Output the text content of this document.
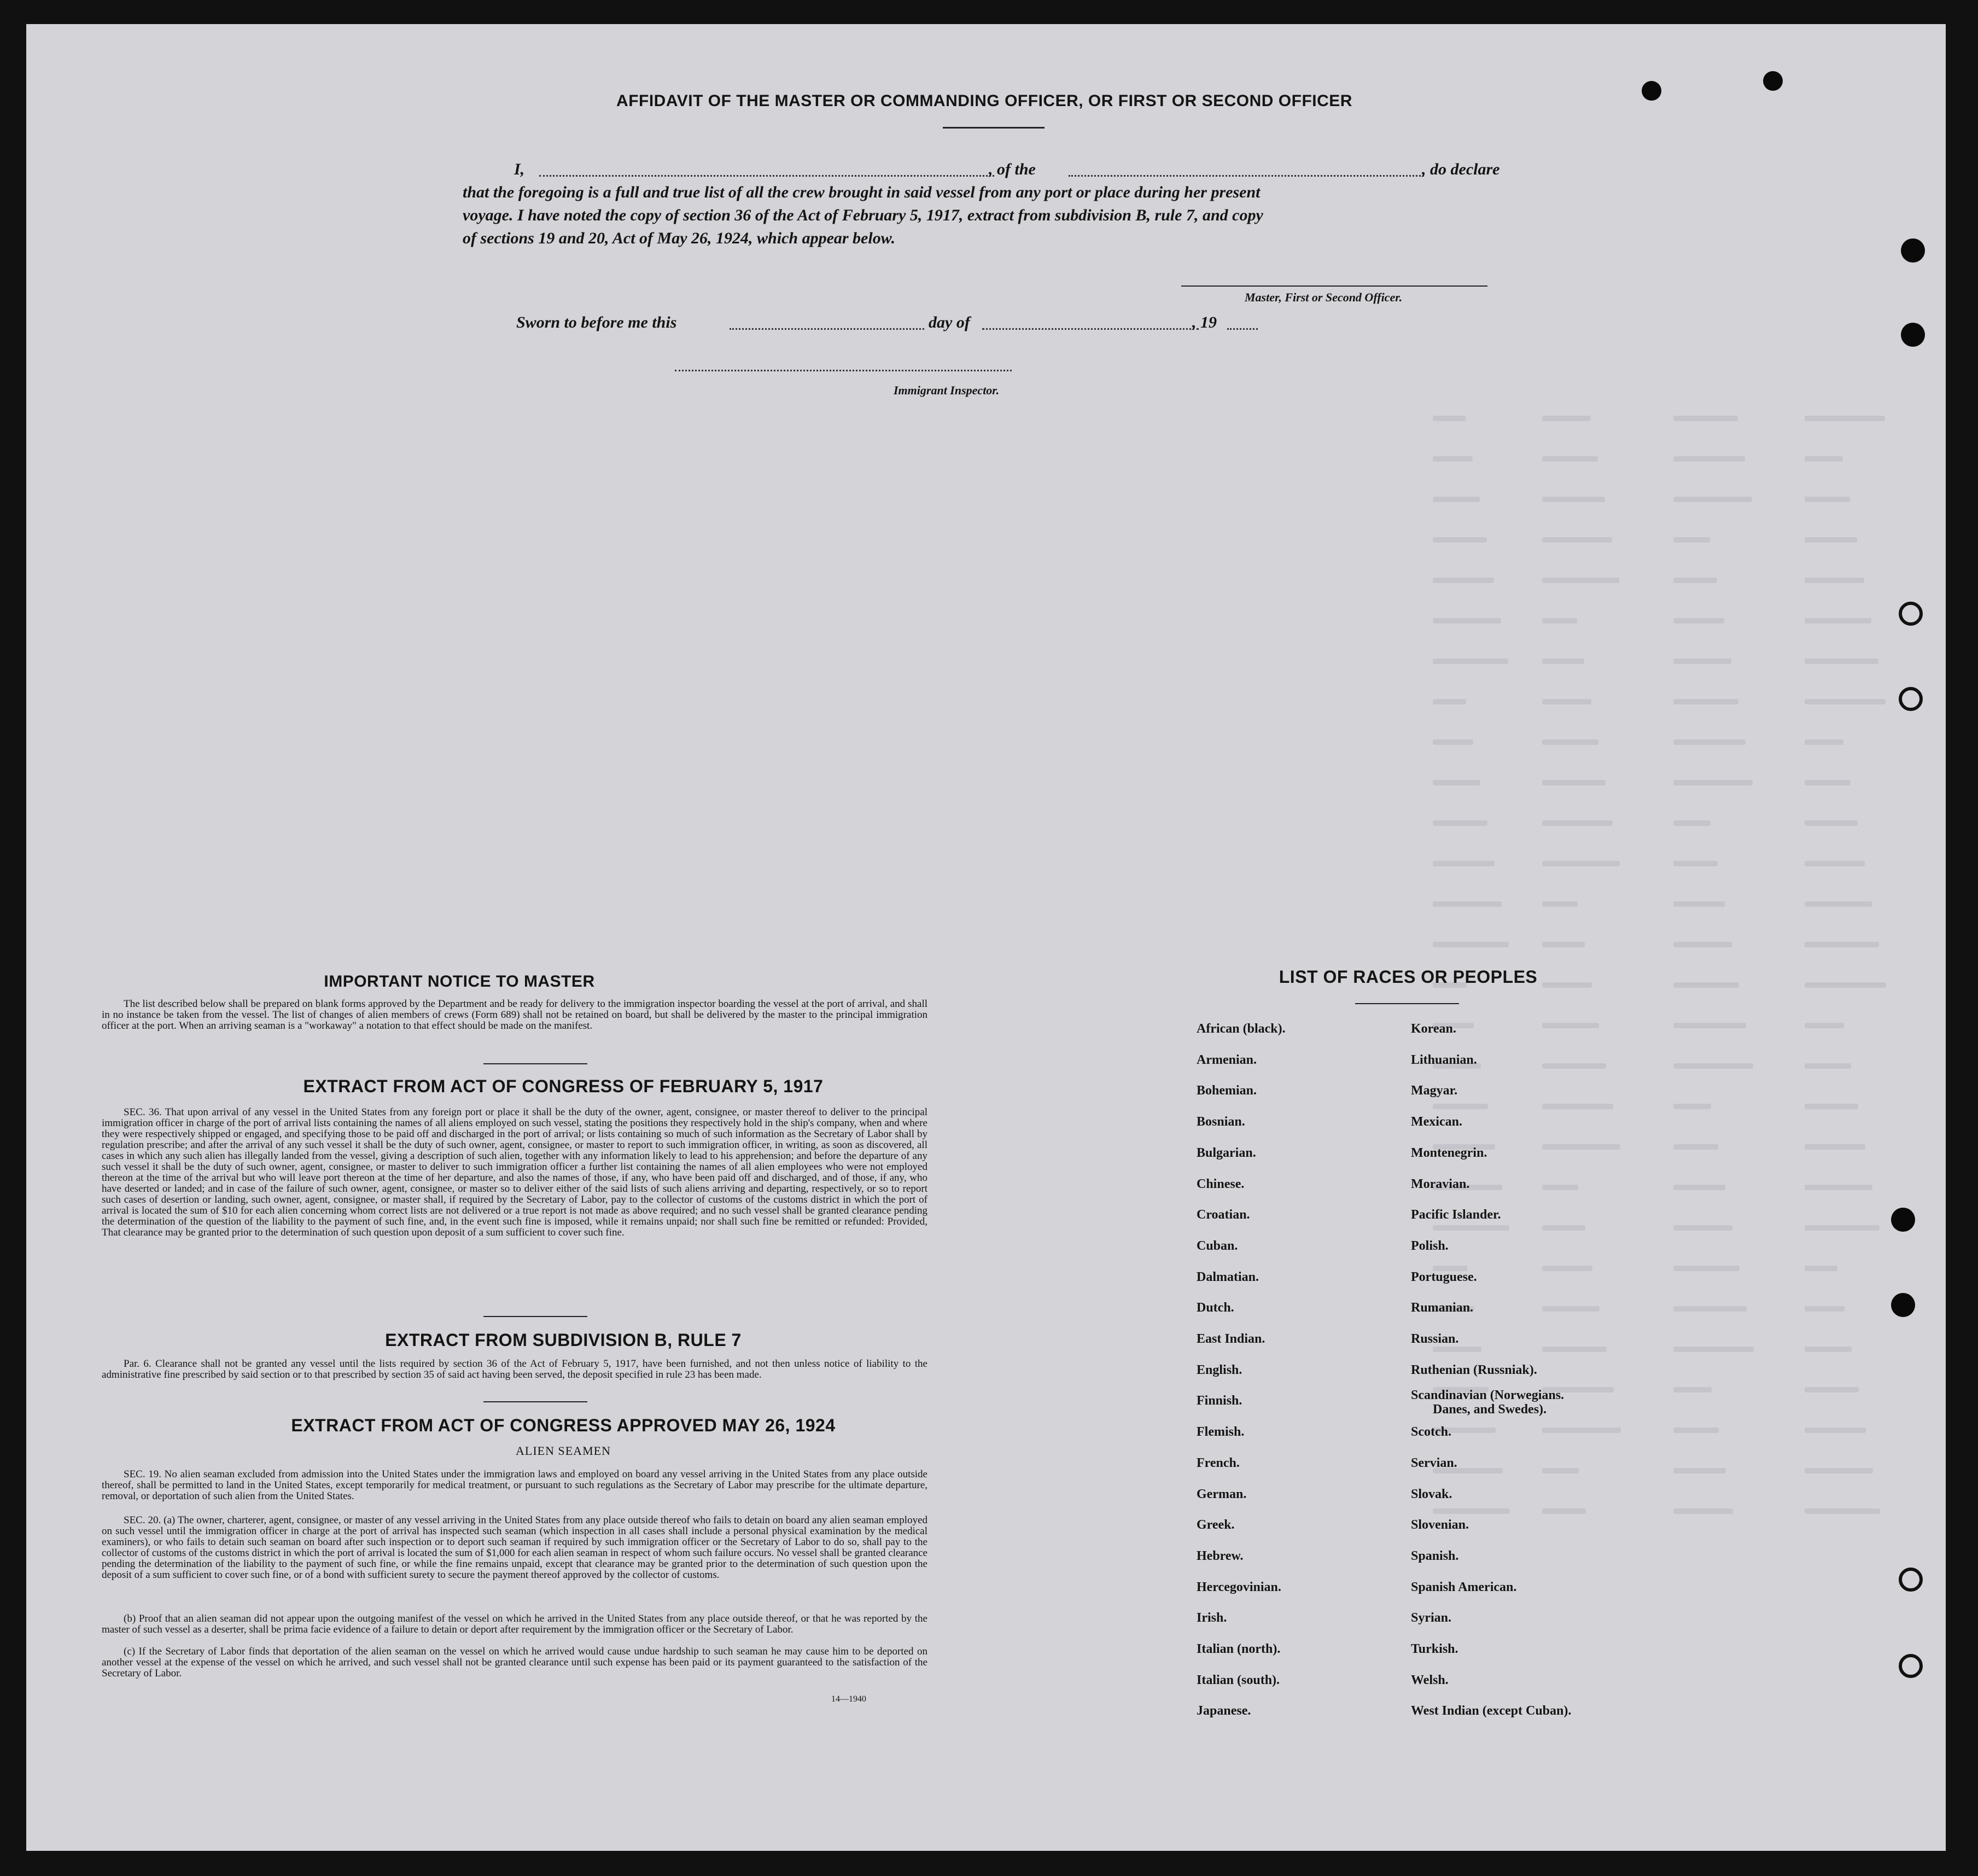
AFFIDAVIT OF THE MASTER OR COMMANDING OFFICER, OR FIRST OR SECOND OFFICER
I,	, of the	, do declare
that the foregoing is a full and true list of all the crew brought in said vessel from any port or place during her present
voyage. I have noted the copy of section 36 of the Act of February 5, 1917, extract from subdivision B, rule 7, and copy
of sections 19 and 20, Act of May 26, 1924, which appear below.
Master, First or Second Officer.
Sworn to before me this	day of	, 19
Immigrant Inspector.
IMPORTANT NOTICE TO MASTER
The list described below shall be prepared on blank forms approved by the Department and be ready for delivery to the immigration inspector boarding the vessel at the port of arrival, and shall in no instance be taken from the vessel. The list of changes of alien members of crews (Form 689) shall not be retained on board, but shall be delivered by the master to the principal immigration officer at the port. When an arriving seaman is a "workaway" a notation to that effect should be made on the manifest.
EXTRACT FROM ACT OF CONGRESS OF FEBRUARY 5, 1917
SEC. 36. That upon arrival of any vessel in the United States from any foreign port or place it shall be the duty of the owner, agent, consignee, or master thereof to deliver to the principal immigration officer in charge of the port of arrival lists containing the names of all aliens employed on such vessel, stating the positions they respectively hold in the ship's company, when and where they were respectively shipped or engaged, and specifying those to be paid off and discharged in the port of arrival; or lists containing so much of such information as the Secretary of Labor shall by regulation prescribe; and after the arrival of any such vessel it shall be the duty of such owner, agent, consignee, or master to report to such immigration officer, in writing, as soon as discovered, all cases in which any such alien has illegally landed from the vessel, giving a description of such alien, together with any information likely to lead to his apprehension; and before the departure of any such vessel it shall be the duty of such owner, agent, consignee, or master to deliver to such immigration officer a further list containing the names of all alien employees who were not employed thereon at the time of the arrival but who will leave port thereon at the time of her departure, and also the names of those, if any, who have been paid off and discharged, and of those, if any, who have deserted or landed; and in case of the failure of such owner, agent, consignee, or master so to deliver either of the said lists of such aliens arriving and departing, respectively, or so to report such cases of desertion or landing, such owner, agent, consignee, or master shall, if required by the Secretary of Labor, pay to the collector of customs of the customs district in which the port of arrival is located the sum of $10 for each alien concerning whom correct lists are not delivered or a true report is not made as above required; and no such vessel shall be granted clearance pending the determination of the question of the liability to the payment of such fine, and, in the event such fine is imposed, while it remains unpaid; nor shall such fine be remitted or refunded: Provided, That clearance may be granted prior to the determination of such question upon deposit of a sum sufficient to cover such fine.
EXTRACT FROM SUBDIVISION B, RULE 7
Par. 6. Clearance shall not be granted any vessel until the lists required by section 36 of the Act of February 5, 1917, have been furnished, and not then unless notice of liability to the administrative fine prescribed by said section or to that prescribed by section 35 of said act having been served, the deposit specified in rule 23 has been made.
EXTRACT FROM ACT OF CONGRESS APPROVED MAY 26, 1924
ALIEN SEAMEN
SEC. 19. No alien seaman excluded from admission into the United States under the immigration laws and employed on board any vessel arriving in the United States from any place outside thereof, shall be permitted to land in the United States, except temporarily for medical treatment, or pursuant to such regulations as the Secretary of Labor may prescribe for the ultimate departure, removal, or deportation of such alien from the United States.
SEC. 20. (a) The owner, charterer, agent, consignee, or master of any vessel arriving in the United States from any place outside thereof who fails to detain on board any alien seaman employed on such vessel until the immigration officer in charge at the port of arrival has inspected such seaman (which inspection in all cases shall include a personal physical examination by the medical examiners), or who fails to detain such seaman on board after such inspection or to deport such seaman if required by such immigration officer or the Secretary of Labor to do so, shall pay to the collector of customs of the customs district in which the port of arrival is located the sum of $1,000 for each alien seaman in respect of whom such failure occurs. No vessel shall be granted clearance pending the determination of the liability to the payment of such fine, or while the fine remains unpaid, except that clearance may be granted prior to the determination of such question upon the deposit of a sum sufficient to cover such fine, or of a bond with sufficient surety to secure the payment thereof approved by the collector of customs.
(b) Proof that an alien seaman did not appear upon the outgoing manifest of the vessel on which he arrived in the United States from any place outside thereof, or that he was reported by the master of such vessel as a deserter, shall be prima facie evidence of a failure to detain or deport after requirement by the immigration officer or the Secretary of Labor.
(c) If the Secretary of Labor finds that deportation of the alien seaman on the vessel on which he arrived would cause undue hardship to such seaman he may cause him to be deported on another vessel at the expense of the vessel on which he arrived, and such vessel shall not be granted clearance until such expense has been paid or its payment guaranteed to the satisfaction of the Secretary of Labor.
14—1940
LIST OF RACES OR PEOPLES
African (black).
Armenian.
Bohemian.
Bosnian.
Bulgarian.
Chinese.
Croatian.
Cuban.
Dalmatian.
Dutch.
East Indian.
English.
Finnish.
Flemish.
French.
German.
Greek.
Hebrew.
Hercegovinian.
Irish.
Italian (north).
Italian (south).
Japanese.
Korean.
Lithuanian.
Magyar.
Mexican.
Montenegrin.
Moravian.
Pacific Islander.
Polish.
Portuguese.
Rumanian.
Russian.
Ruthenian (Russniak).
Scandinavian (Norwegians.
Danes, and Swedes).
Scotch.
Servian.
Slovak.
Slovenian.
Spanish.
Spanish American.
Syrian.
Turkish.
Welsh.
West Indian (except Cuban).
